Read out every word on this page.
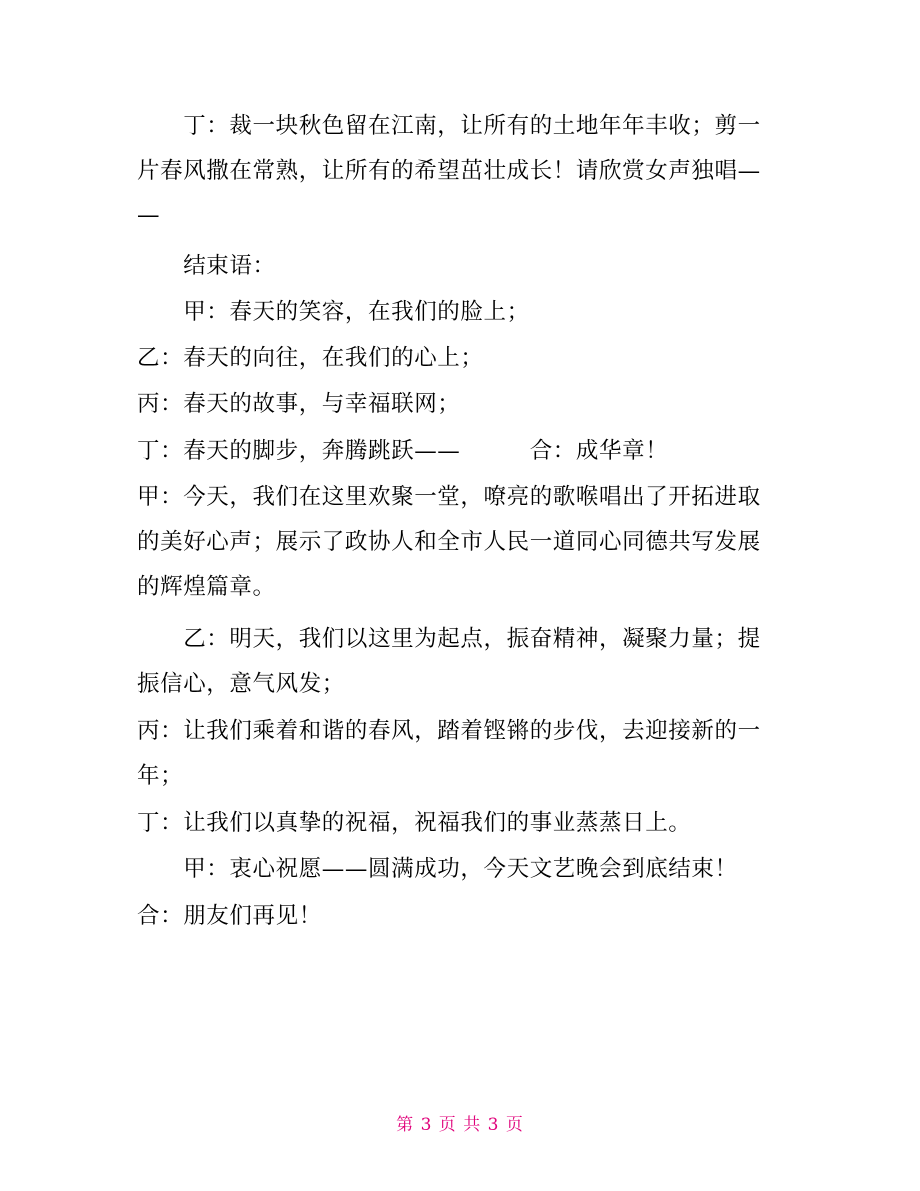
　　丁：裁一块秋色留在江南，让所有的土地年年丰收；剪一
片春风撒在常熟，让所有的希望茁壮成长！请欣赏女声独唱—
—
　　结束语：
　　甲：春天的笑容，在我们的脸上；
乙：春天的向往，在我们的心上；
丙：春天的故事，与幸福联网；
丁：春天的脚步，奔腾跳跃——　　　合：成华章！
甲：今天，我们在这里欢聚一堂，嘹亮的歌喉唱出了开拓进取
的美好心声；展示了政协人和全市人民一道同心同德共写发展
的辉煌篇章。
　　乙：明天，我们以这里为起点，振奋精神，凝聚力量；提
振信心，意气风发；
丙：让我们乘着和谐的春风，踏着铿锵的步伐，去迎接新的一
年；
丁：让我们以真挚的祝福，祝福我们的事业蒸蒸日上。
　　甲：衷心祝愿——圆满成功，今天文艺晚会到底结束！
合：朋友们再见！
第 3 页 共 3 页
